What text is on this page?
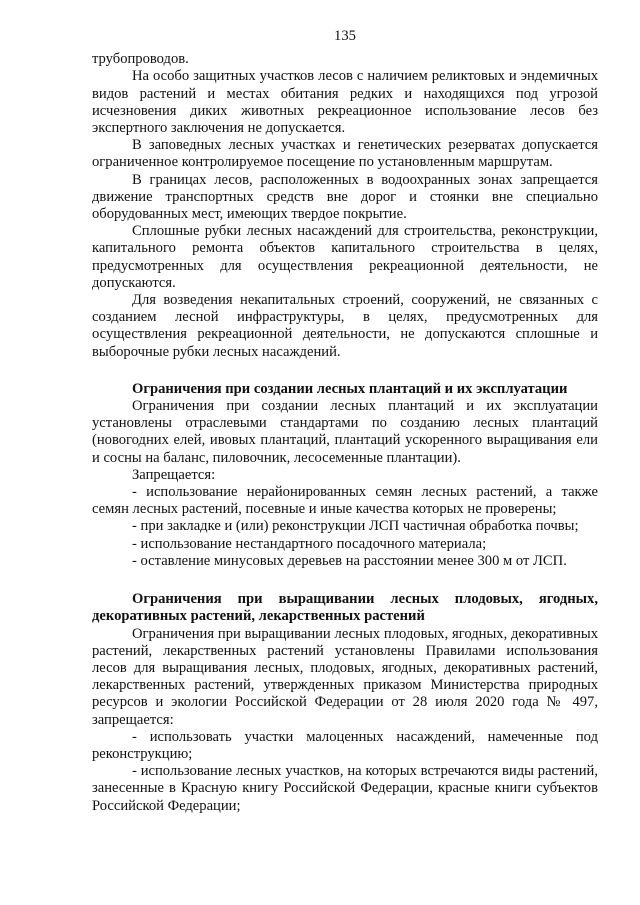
135

трубопроводов.

На особо защитных участков лесов с наличием реликтовых и эндемичных видов растений и местах обитания редких и находящихся под угрозой исчезновения диких животных рекреационное использование лесов без экспертного заключения не допускается.

В заповедных лесных участках и генетических резерватах допускается ограниченное контролируемое посещение по установленным маршрутам.

В границах лесов, расположенных в водоохранных зонах запрещается движение транспортных средств вне дорог и стоянки вне специально оборудованных мест, имеющих твердое покрытие.

Сплошные рубки лесных насаждений для строительства, реконструкции, капитального ремонта объектов капитального строительства в целях, предусмотренных для осуществления рекреационной деятельности, не допускаются.

Для возведения некапитальных строений, сооружений, не связанных с созданием лесной инфраструктуры, в целях, предусмотренных для осуществления рекреационной деятельности, не допускаются сплошные и выборочные рубки лесных насаждений.

Ограничения при создании лесных плантаций и их эксплуатации

Ограничения при создании лесных плантаций и их эксплуатации установлены отраслевыми стандартами по созданию лесных плантаций (новогодних елей, ивовых плантаций, плантаций ускоренного выращивания ели и сосны на баланс, пиловочник, лесосеменные плантации).

Запрещается:

- использование нерайонированных семян лесных растений, а также семян лесных растений, посевные и иные качества которых не проверены;

- при закладке и (или) реконструкции ЛСП частичная обработка почвы;

- использование нестандартного посадочного материала;

- оставление минусовых деревьев на расстоянии менее 300 м от ЛСП.

Ограничения при выращивании лесных плодовых, ягодных, декоративных растений, лекарственных растений

Ограничения при выращивании лесных плодовых, ягодных, декоративных растений, лекарственных растений установлены Правилами использования лесов для выращивания лесных, плодовых, ягодных, декоративных растений, лекарственных растений, утвержденных приказом Министерства природных ресурсов и экологии Российской Федерации от 28 июля 2020 года № 497, запрещается:

- использовать участки малоценных насаждений, намеченные под реконструкцию;

- использование лесных участков, на которых встречаются виды растений, занесенные в Красную книгу Российской Федерации, красные книги субъектов Российской Федерации;
